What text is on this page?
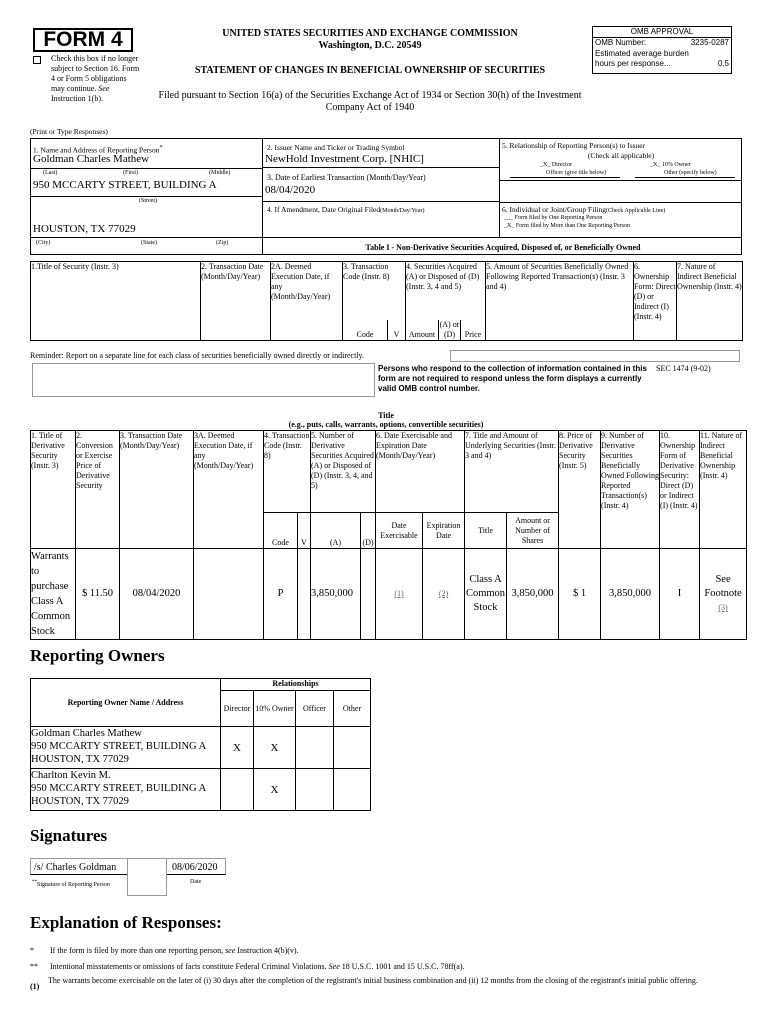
FORM 4
Check this box if no longer subject to Section 16. Form 4 or Form 5 obligations may continue. See Instruction 1(b).
UNITED STATES SECURITIES AND EXCHANGE COMMISSION
Washington, D.C. 20549
STATEMENT OF CHANGES IN BENEFICIAL OWNERSHIP OF SECURITIES
Filed pursuant to Section 16(a) of the Securities Exchange Act of 1934 or Section 30(h) of the Investment Company Act of 1940
OMB APPROVAL
OMB Number:	3235-0287
Estimated average burden
hours per response...	0.5
(Print or Type Responses)
1. Name and Address of Reporting Person*
Goldman Charles Mathew
(Last)	(First)	(Middle)
950 MCCARTY STREET, BUILDING A
(Street)
HOUSTON, TX 77029
(City)	(State)	(Zip)
2. Issuer Name and Ticker or Trading Symbol
NewHold Investment Corp. [NHIC]
3. Date of Earliest Transaction (Month/Day/Year)
08/04/2020
4. If Amendment, Date Original Filed(Month/Day/Year)
5. Relationship of Reporting Person(s) to Issuer
(Check all applicable)
_X_ Director	_X_ 10% Owner
Officer (give title below)	Other (specify below)
6. Individual or Joint/Group Filing(Check Applicable Line)
___ Form filed by One Reporting Person
_X_ Form filed by More than One Reporting Person
Table I - Non-Derivative Securities Acquired, Disposed of, or Beneficially Owned
1.Title of Security (Instr. 3)	2. Transaction Date (Month/Day/Year)	2A. Deemed Execution Date, if any (Month/Day/Year)	3. Transaction Code (Instr. 8)		4. Securities Acquired (A) or Disposed of (D) (Instr. 3, 4 and 5)			5. Amount of Securities Beneficially Owned Following Reported Transaction(s) (Instr. 3 and 4)	6. Ownership Form: Direct (D) or Indirect (I) (Instr. 4)	7. Nature of Indirect Beneficial Ownership (Instr. 4)
			Code	V	Amount	(A) or (D)	Price			
Reminder: Report on a separate line for each class of securities beneficially owned directly or indirectly.
Persons who respond to the collection of information contained in this form are not required to respond unless the form displays a currently valid OMB control number.
SEC 1474 (9-02)
Title
(e.g., puts, calls, warrants, options, convertible securities)
1. Title of Derivative Security (Instr. 3)	2. Conversion or Exercise Price of Derivative Security	3. Transaction Date (Month/Day/Year)	3A. Deemed Execution Date, if any (Month/Day/Year)	4. Transaction Code (Instr. 8)		5. Number of Derivative Securities Acquired (A) or Disposed of (D) (Instr. 3, 4, and 5)		6. Date Exercisable and Expiration Date (Month/Day/Year)		7. Title and Amount of Underlying Securities (Instr. 3 and 4)		8. Price of Derivative Security (Instr. 5)	9. Number of Derivative Securities Beneficially Owned Following Reported Transaction(s) (Instr. 4)	10. Ownership Form of Derivative Security: Direct (D) or Indirect (I) (Instr. 4)	11. Nature of Indirect Beneficial Ownership (Instr. 4)
				Code	V	(A)	(D)	Date Exercisable	Expiration Date	Title	Amount or Number of Shares				
Warrants to purchase Class A Common Stock	$ 11.50	08/04/2020		P		3,850,000		(1)	(2)	Class A Common Stock	3,850,000	$ 1	3,850,000	I	See Footnote
(3)
Reporting Owners
Reporting Owner Name / Address	Relationships			
	Director	10% Owner	Officer	Other

Goldman Charles Mathew
950 MCCARTY STREET, BUILDING A
HOUSTON, TX 77029	X	X		

Charlton Kevin M.
950 MCCARTY STREET, BUILDING A
HOUSTON, TX 77029		X		
Signatures
/s/ Charles Goldman	08/06/2020
**Signature of Reporting Person	Date
Explanation of Responses:
* If the form is filed by more than one reporting person, see Instruction 4(b)(v).
** Intentional misstatements or omissions of facts constitute Federal Criminal Violations. See 18 U.S.C. 1001 and 15 U.S.C. 78ff(a).
(1)
The warrants become exercisable on the later of (i) 30 days after the completion of the registrant's initial business combination and (ii) 12 months from the closing of the registrant's initial public offering.
